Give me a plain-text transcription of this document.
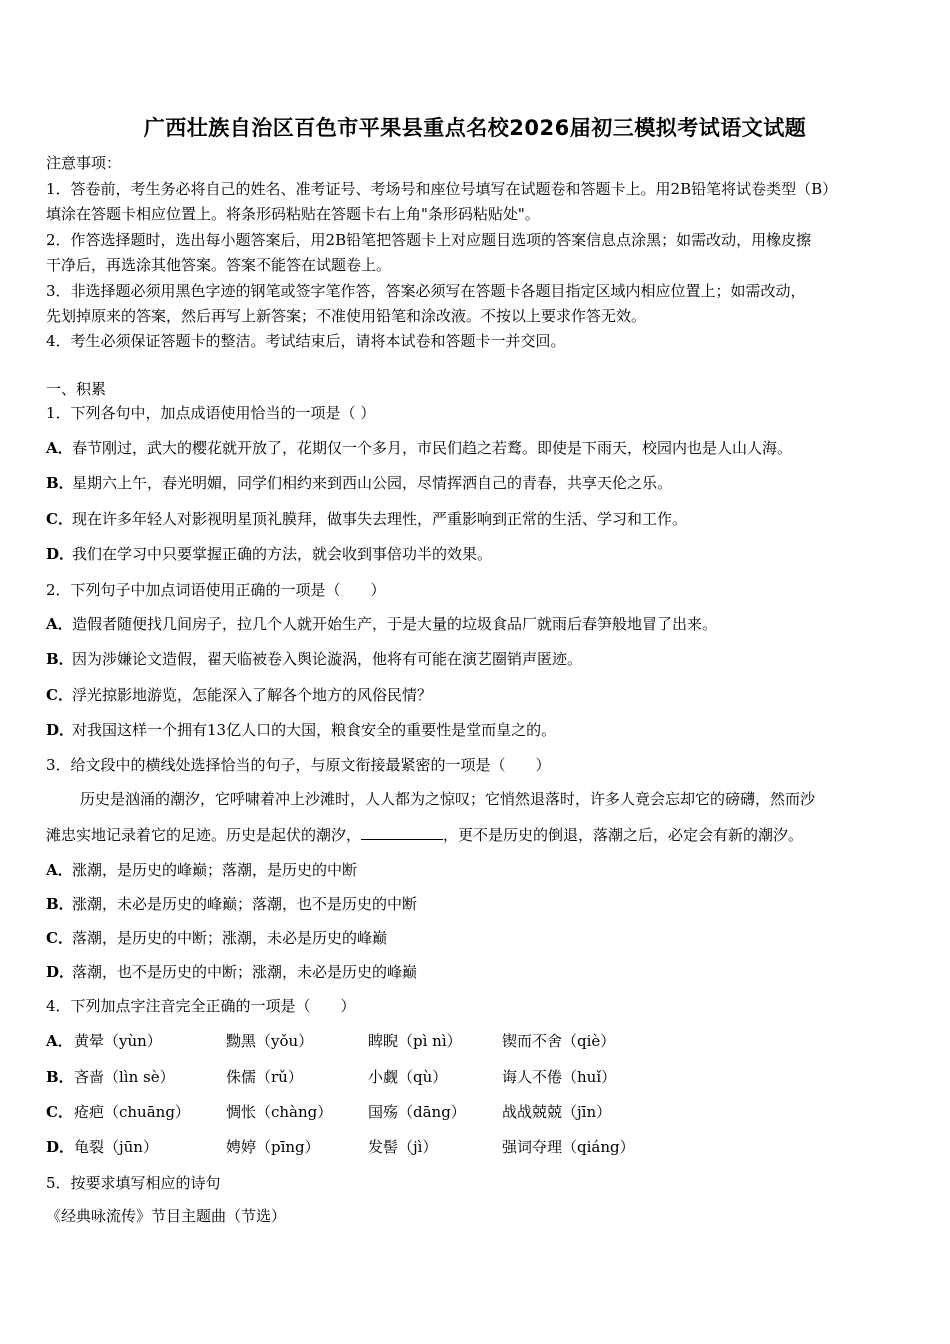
广西壮族自治区百色市平果县重点名校2026届初三模拟考试语文试题
注意事项：
1．答卷前，考生务必将自己的姓名、准考证号、考场号和座位号填写在试题卷和答题卡上。用2B铅笔将试卷类型（B）
填涂在答题卡相应位置上。将条形码粘贴在答题卡右上角"条形码粘贴处"。
2．作答选择题时，选出每小题答案后，用2B铅笔把答题卡上对应题目选项的答案信息点涂黑；如需改动，用橡皮擦
干净后，再选涂其他答案。答案不能答在试题卷上。
3．非选择题必须用黑色字迹的钢笔或签字笔作答，答案必须写在答题卡各题目指定区域内相应位置上；如需改动，
先划掉原来的答案，然后再写上新答案；不准使用铅笔和涂改液。不按以上要求作答无效。
4．考生必须保证答题卡的整洁。考试结束后，请将本试卷和答题卡一并交回。
一、积累
1．下列各句中，加点成语使用恰当的一项是（ ）
A．春节刚过，武大的樱花就开放了，花期仅一个多月，市民们趋之若鹜。即使是下雨天，校园内也是人山人海。
B．星期六上午，春光明媚，同学们相约来到西山公园，尽情挥洒自己的青春，共享天伦之乐。
C．现在许多年轻人对影视明星顶礼膜拜，做事失去理性，严重影响到正常的生活、学习和工作。
D．我们在学习中只要掌握正确的方法，就会收到事倍功半的效果。
2．下列句子中加点词语使用正确的一项是（　　）
A．造假者随便找几间房子，拉几个人就开始生产，于是大量的垃圾食品厂就雨后春笋般地冒了出来。
B．因为涉嫌论文造假，翟天临被卷入舆论漩涡，他将有可能在演艺圈销声匿迹。
C．浮光掠影地游览，怎能深入了解各个地方的风俗民情？
D．对我国这样一个拥有13亿人口的大国，粮食安全的重要性是堂而皇之的。
3．给文段中的横线处选择恰当的句子，与原文衔接最紧密的一项是（　　）
历史是汹涌的潮汐，它呼啸着冲上沙滩时，人人都为之惊叹；它悄然退落时，许多人竟会忘却它的磅礴，然而沙
滩忠实地记录着它的足迹。历史是起伏的潮汐，	，更不是历史的倒退，落潮之后，必定会有新的潮汐。
A．涨潮，是历史的峰巅；落潮，是历史的中断
B．涨潮，未必是历史的峰巅；落潮，也不是历史的中断
C．落潮，是历史的中断；涨潮，未必是历史的峰巅
D．落潮，也不是历史的中断；涨潮，未必是历史的峰巅
4．下列加点字注音完全正确的一项是（　　）
A．黄晕（yùn）	黝黑（yǒu）	睥睨（pì nì）	锲而不舍（qiè）
B．吝啬（lìn sè）	侏儒（rǔ）	小觑（qù）	诲人不倦（huǐ）
C．疮疤（chuāng） 惆怅（chàng） 国殇（dāng） 战战兢兢（jīn）
D．龟裂（jūn）	娉婷（pīng）	发髻（jì）	强词夺理（qiáng）
5．按要求填写相应的诗句
《经典咏流传》节目主题曲（节选）
